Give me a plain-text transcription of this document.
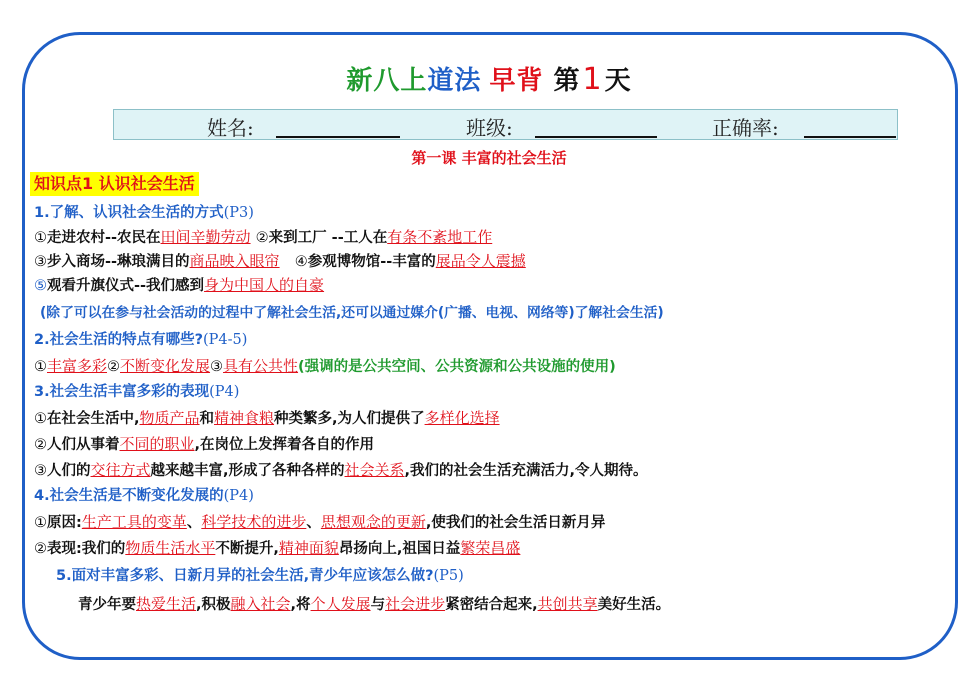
新八上道法 早背 第1天
姓名:	班级:	正确率:
第一课 丰富的社会生活
知识点1 认识社会生活
1.了解、认识社会生活的方式(P3)
①走进农村--农民在田间辛勤劳动 ②来到工厂 --工人在有条不紊地工作
③步入商场--琳琅满目的商品映入眼帘 ④参观博物馆--丰富的展品令人震撼
⑤观看升旗仪式--我们感到身为中国人的自豪
(除了可以在参与社会活动的过程中了解社会生活,还可以通过媒介(广播、电视、网络等)了解社会生活)
2.社会生活的特点有哪些?(P4-5)
①丰富多彩②不断变化发展③具有公共性(强调的是公共空间、公共资源和公共设施的使用)
3.社会生活丰富多彩的表现(P4)
①在社会生活中,物质产品和精神食粮种类繁多,为人们提供了多样化选择
②人们从事着不同的职业,在岗位上发挥着各自的作用
③人们的交往方式越来越丰富,形成了各种各样的社会关系,我们的社会生活充满活力,令人期待。
4.社会生活是不断变化发展的(P4)
①原因:生产工具的变革、科学技术的进步、思想观念的更新,使我们的社会生活日新月异
②表现:我们的物质生活水平不断提升,精神面貌昂扬向上,祖国日益繁荣昌盛
5.面对丰富多彩、日新月异的社会生活,青少年应该怎么做?(P5)
青少年要热爱生活,积极融入社会,将个人发展与社会进步紧密结合起来,共创共享美好生活。
